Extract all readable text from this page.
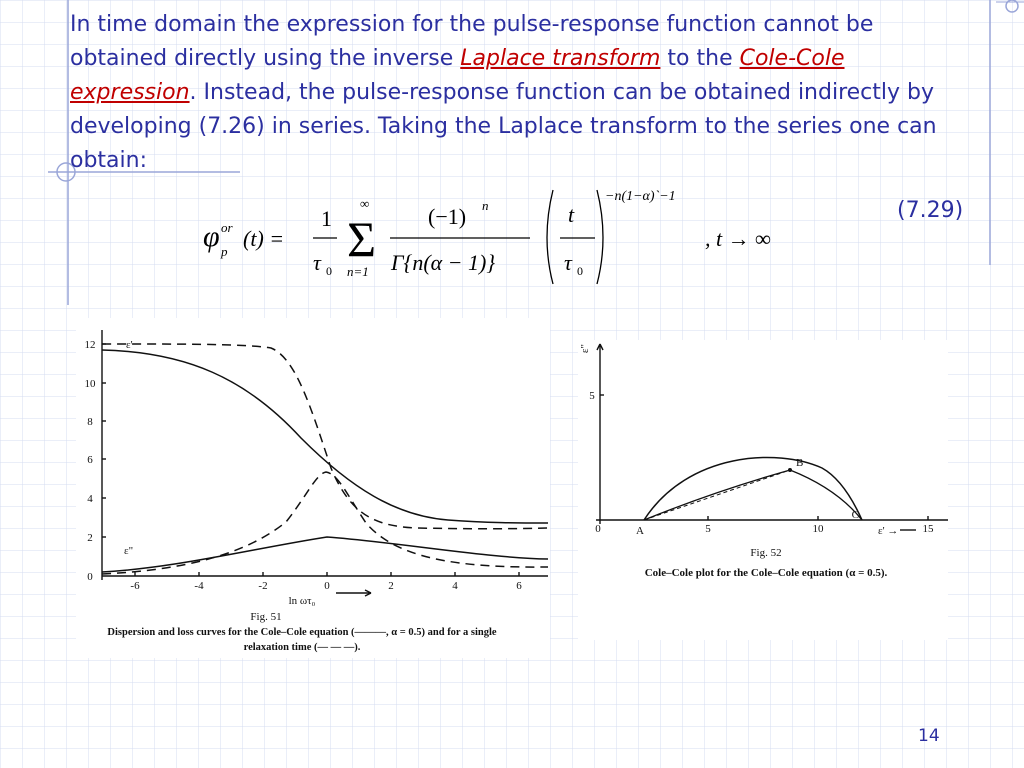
In time domain the expression for the pulse-response function cannot be obtained directly using the inverse Laplace transform to the Cole-Cole expression. Instead, the pulse-response function can be obtained indirectly by developing (7.26) in series. Taking the Laplace transform to the series one can obtain:
φ or
p
(t) =
1
τ 0
Σ
∞
n=1
(−1) n
Γ{n(α − 1)}
t
τ 0
−n(1−α)`−1
, t → ∞
(7.29)
12
10
8
6
4
2
0
-6	-4	-2	0	2	4	6
ε'
ε"
ln ωτ₀
Fig. 51
Dispersion and loss curves for the Cole–Cole equation (———, α = 0.5) and for a single
relaxation time (— — —).
ε"
5
0	5	10	15
ε' →
A
B
C
Fig. 52
Cole–Cole plot for the Cole–Cole equation (α = 0.5).
14
